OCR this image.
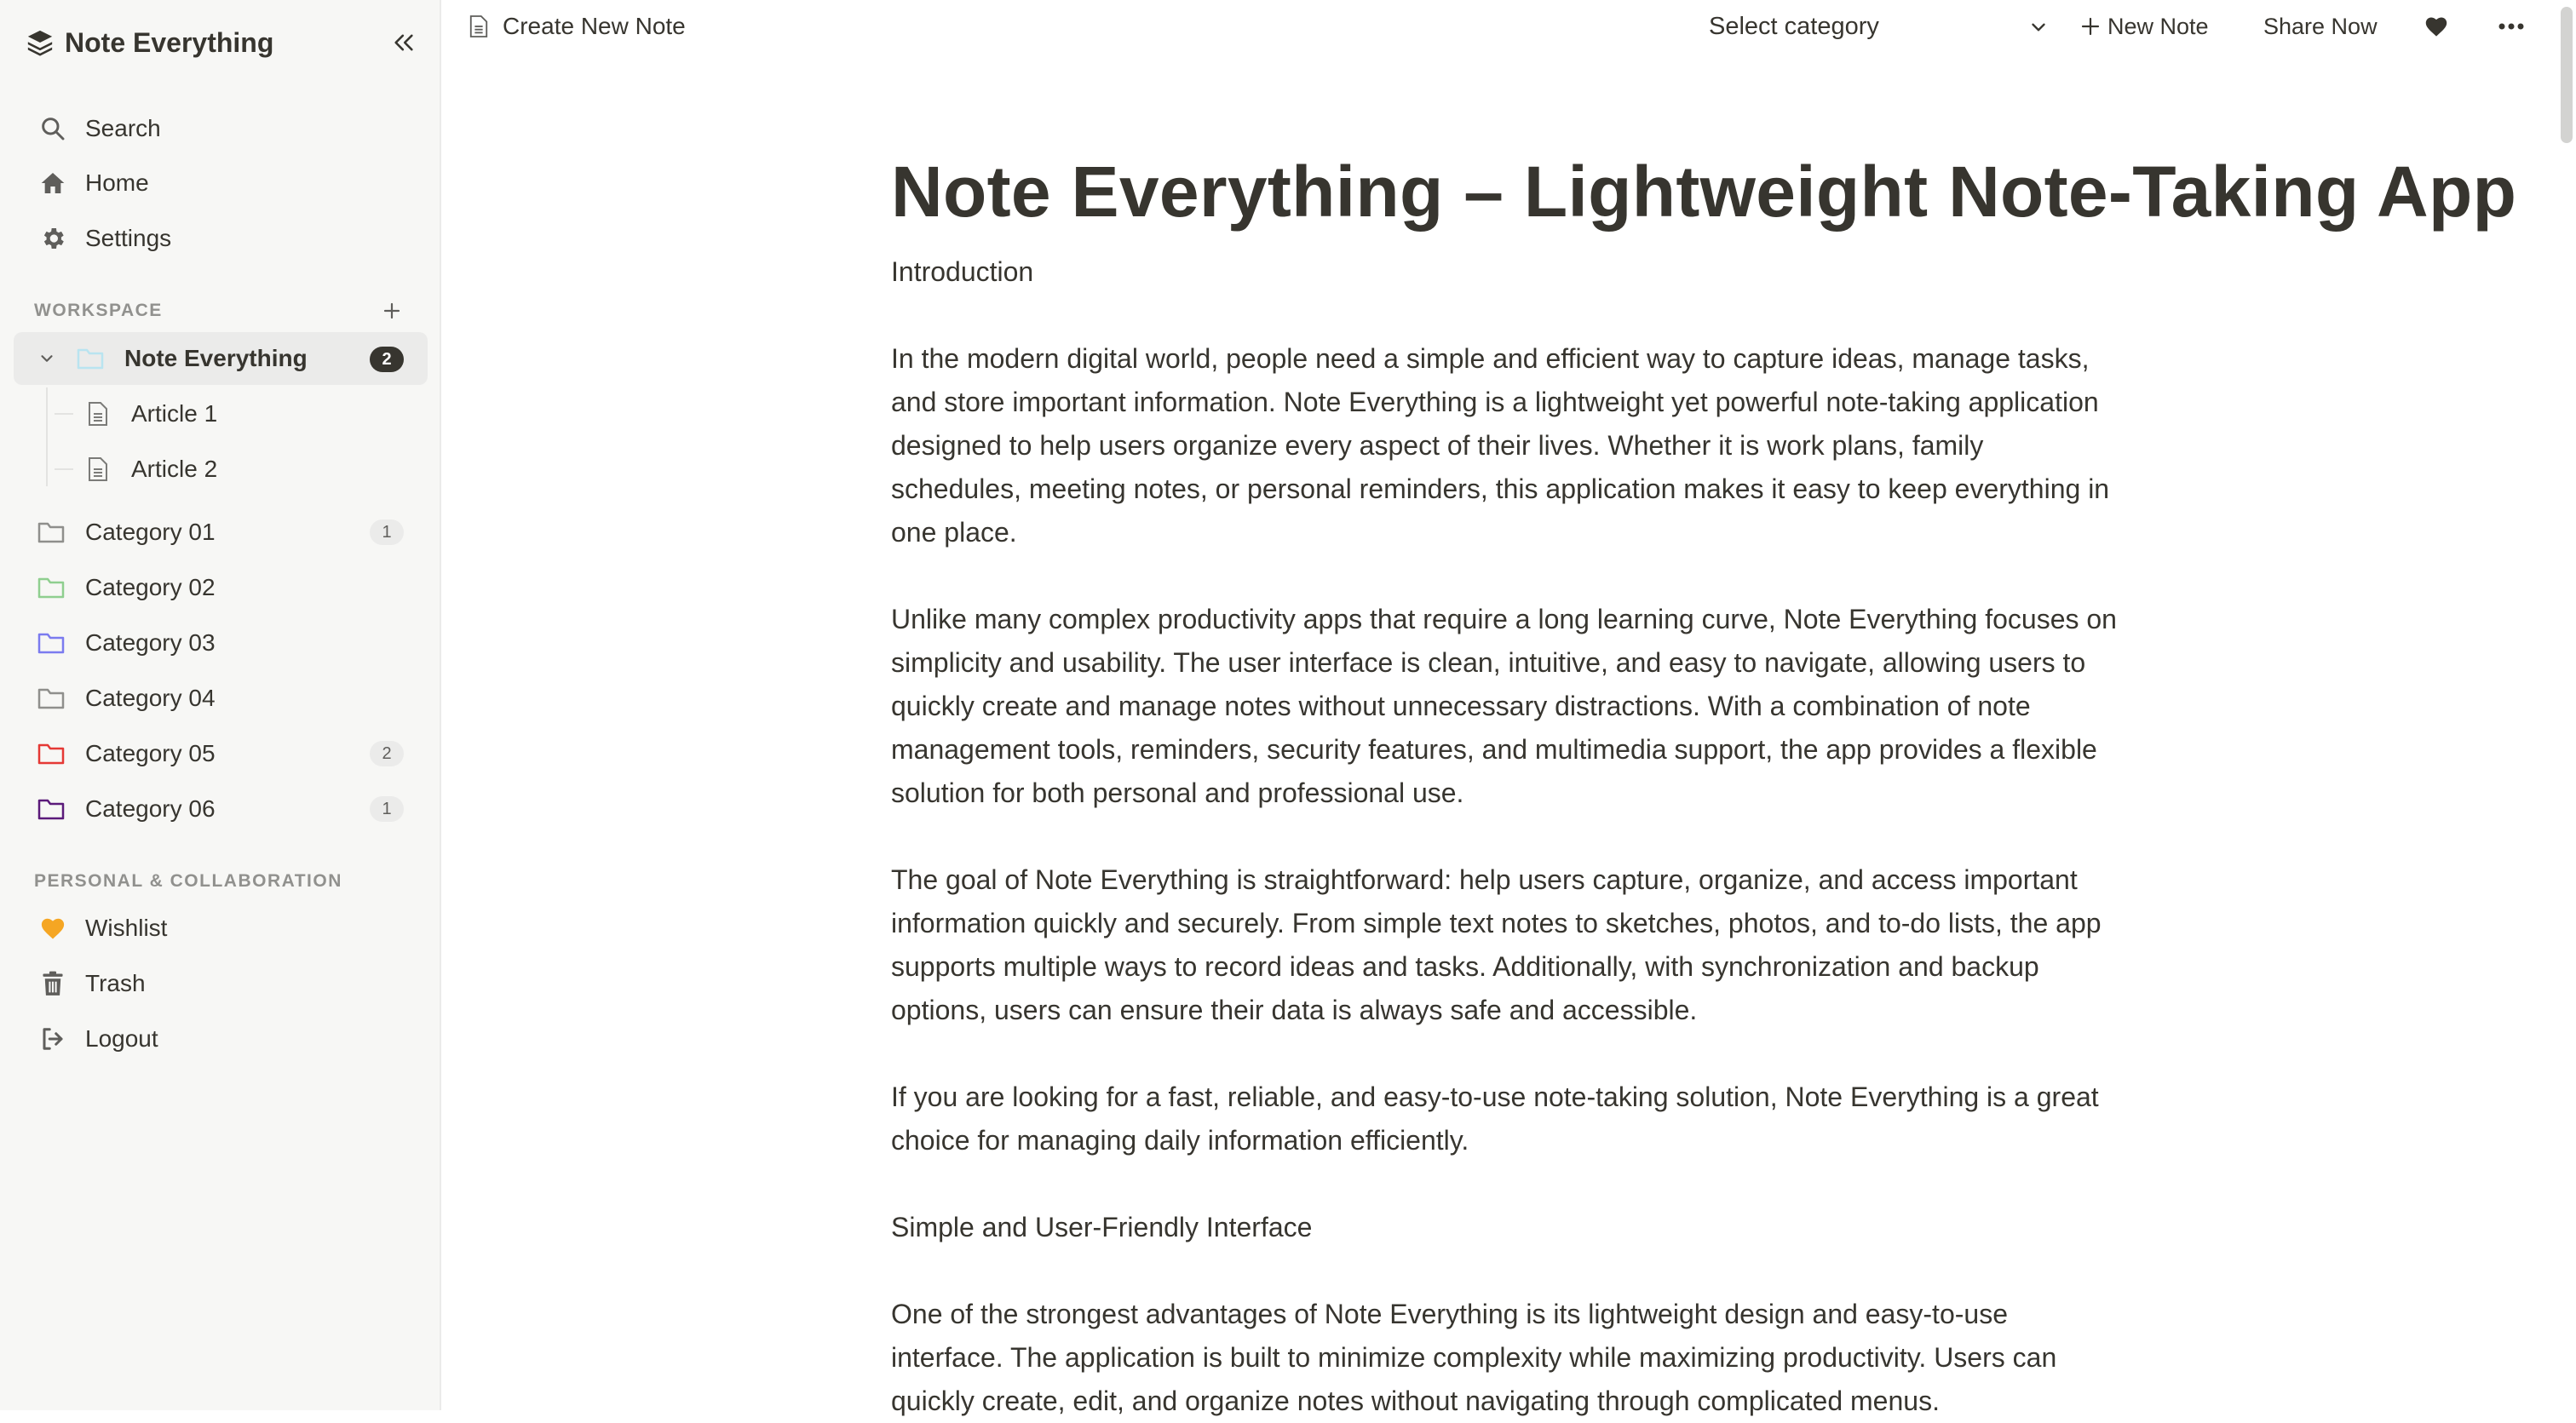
Note Everything
Search
Home
Settings
WORKSPACE
Note Everything	2
Article 1
Article 2
Category 01	1
Category 02
Category 03
Category 04
Category 05	2
Category 06	1
PERSONAL & COLLABORATION
Wishlist
Trash
Logout
Create New Note	Select category	New Note Share Now
Note Everything – Lightweight Note-Taking App

Introduction

In the modern digital world, people need a simple and efficient way to capture ideas, manage tasks, and store important information. Note Everything is a lightweight yet powerful note-taking application designed to help users organize every aspect of their lives. Whether it is work plans, family schedules, meeting notes, or personal reminders, this application makes it easy to keep everything in one place.

Unlike many complex productivity apps that require a long learning curve, Note Everything focuses on simplicity and usability. The user interface is clean, intuitive, and easy to navigate, allowing users to quickly create and manage notes without unnecessary distractions. With a combination of note management tools, reminders, security features, and multimedia support, the app provides a flexible solution for both personal and professional use.

The goal of Note Everything is straightforward: help users capture, organize, and access important information quickly and securely. From simple text notes to sketches, photos, and to-do lists, the app supports multiple ways to record ideas and tasks. Additionally, with synchronization and backup options, users can ensure their data is always safe and accessible.

If you are looking for a fast, reliable, and easy-to-use note-taking solution, Note Everything is a great choice for managing daily information efficiently.

Simple and User-Friendly Interface

One of the strongest advantages of Note Everything is its lightweight design and easy-to-use interface. The application is built to minimize complexity while maximizing productivity. Users can quickly create, edit, and organize notes without navigating through complicated menus.
